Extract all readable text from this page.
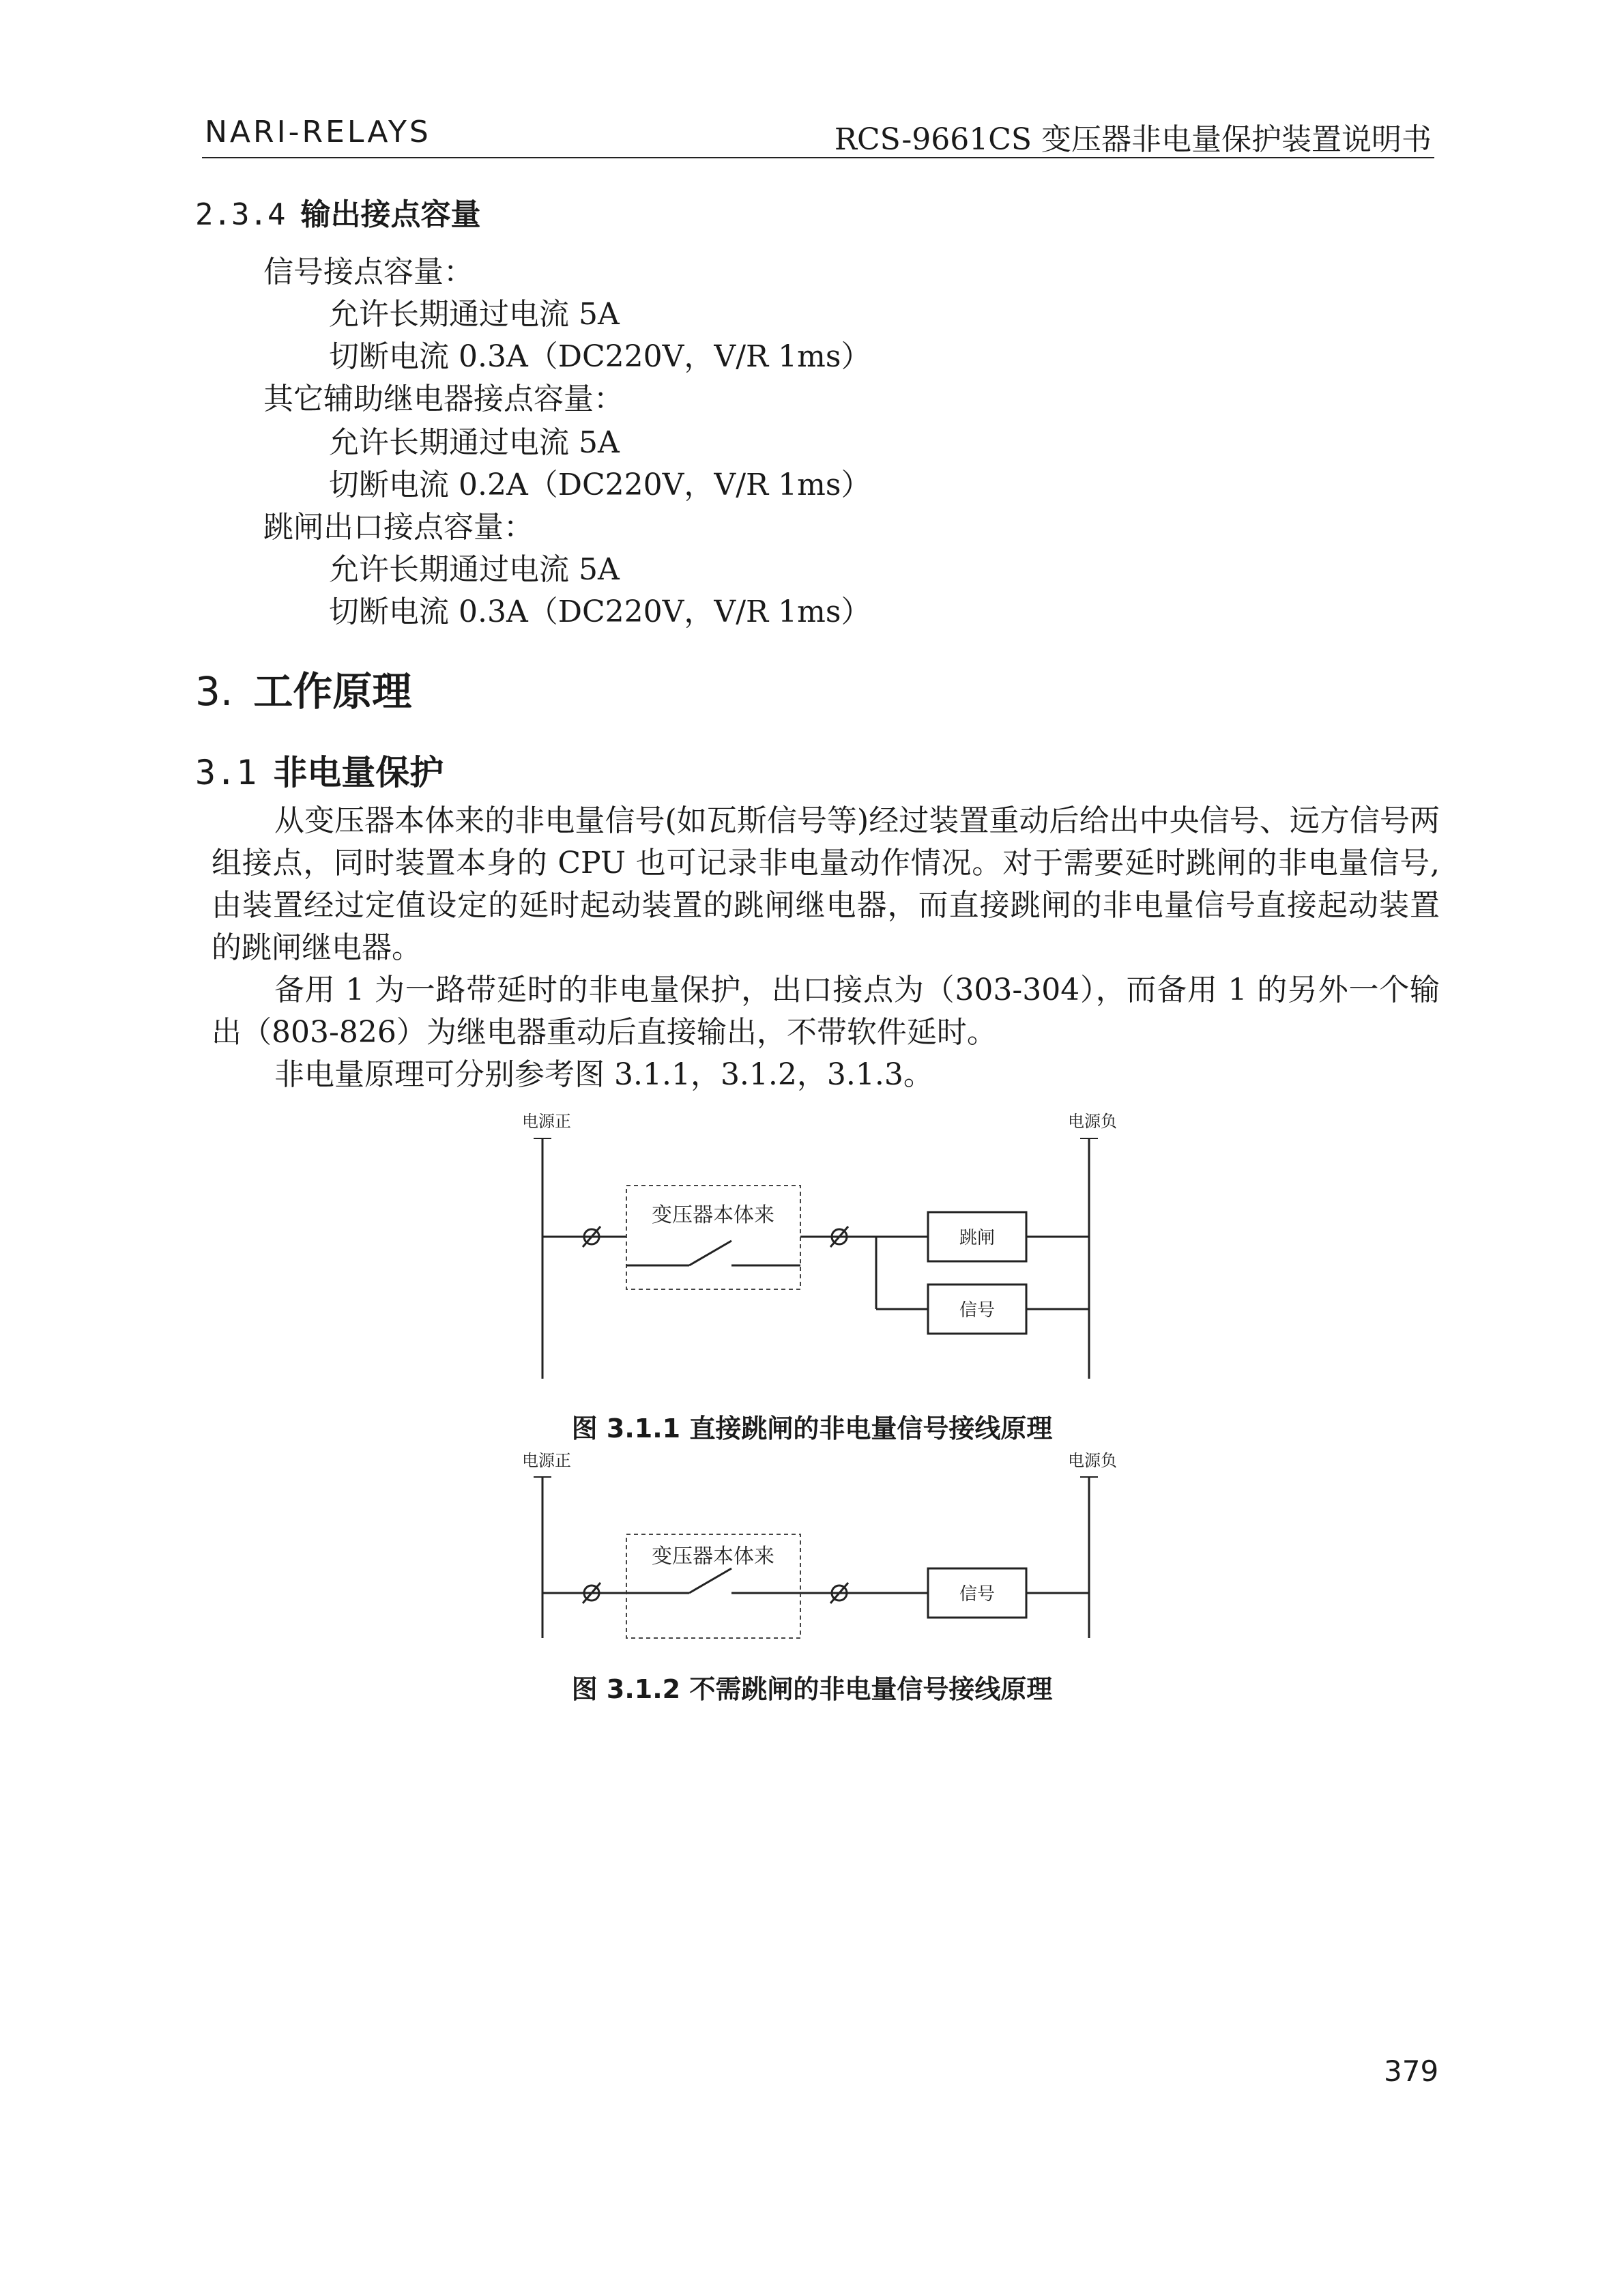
NARI-RELAYS	RCS-9661CS 变压器非电量保护装置说明书
2.3.4 输出接点容量
信号接点容量：
允许长期通过电流 5A
切断电流 0.3A（DC220V，V/R 1ms）
其它辅助继电器接点容量：
允许长期通过电流 5A
切断电流 0.2A（DC220V，V/R 1ms）
跳闸出口接点容量：
允许长期通过电流 5A
切断电流 0.3A（DC220V，V/R 1ms）
3. 工作原理
3.1 非电量保护

从变压器本体来的非电量信号(如瓦斯信号等)经过装置重动后给出中央信号、远方信号两组接点，同时装置本身的 CPU 也可记录非电量动作情况。对于需要延时跳闸的非电量信号,由装置经过定值设定的延时起动装置的跳闸继电器，而直接跳闸的非电量信号直接起动装置的跳闸继电器。

备用 1 为一路带延时的非电量保护，出口接点为（303-304），而备用 1 的另外一个输出（803-826）为继电器重动后直接输出，不带软件延时。

非电量原理可分别参考图 3.1.1，3.1.2，3.1.3。

电源正	电源负
变压器本体来
跳闸
信号
电源正	电源负
变压器本体来
信号
图 3.1.1 直接跳闸的非电量信号接线原理
图 3.1.2 不需跳闸的非电量信号接线原理
379
